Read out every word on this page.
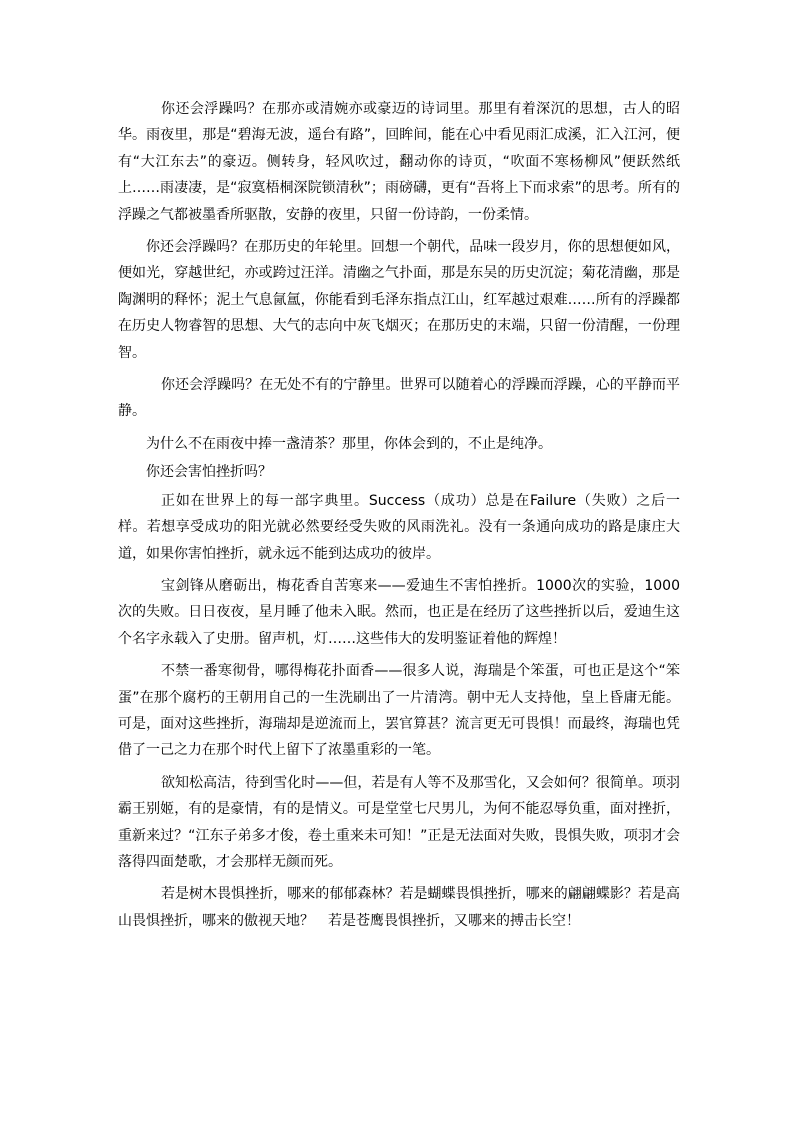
你还会浮躁吗？在那亦或清婉亦或豪迈的诗词里。那里有着深沉的思想，古人的昭华。雨夜里，那是“碧海无波，遥台有路”，回眸间，能在心中看见雨汇成溪，汇入江河，便有“大江东去”的豪迈。侧转身，轻风吹过，翻动你的诗页，“吹面不寒杨柳风”便跃然纸上……雨凄凄，是“寂寞梧桐深院锁清秋”；雨磅礴，更有“吾将上下而求索”的思考。所有的浮躁之气都被墨香所驱散，安静的夜里，只留一份诗韵，一份柔情。

你还会浮躁吗？在那历史的年轮里。回想一个朝代，品味一段岁月，你的思想便如风，便如光，穿越世纪，亦或跨过汪洋。清幽之气扑面，那是东吴的历史沉淀；菊花清幽，那是陶渊明的释怀；泥土气息氤氲，你能看到毛泽东指点江山，红军越过艰难……所有的浮躁都在历史人物睿智的思想、大气的志向中灰飞烟灭；在那历史的末端，只留一份清醒，一份理智。

你还会浮躁吗？在无处不有的宁静里。世界可以随着心的浮躁而浮躁，心的平静而平静。

为什么不在雨夜中捧一盏清茶？那里，你体会到的，不止是纯净。

你还会害怕挫折吗？

正如在世界上的每一部字典里。Success（成功）总是在Failure（失败）之后一样。若想享受成功的阳光就必然要经受失败的风雨洗礼。没有一条通向成功的路是康庄大道，如果你害怕挫折，就永远不能到达成功的彼岸。

宝剑锋从磨砺出，梅花香自苦寒来——爱迪生不害怕挫折。1000次的实验，1000次的失败。日日夜夜，星月睡了他未入眠。然而，也正是在经历了这些挫折以后，爱迪生这个名字永载入了史册。留声机，灯……这些伟大的发明鉴证着他的辉煌！

不禁一番寒彻骨，哪得梅花扑面香——很多人说，海瑞是个笨蛋，可也正是这个“笨蛋”在那个腐朽的王朝用自己的一生洗刷出了一片清湾。朝中无人支持他，皇上昏庸无能。可是，面对这些挫折，海瑞却是逆流而上，罢官算甚？流言更无可畏惧！而最终，海瑞也凭借了一己之力在那个时代上留下了浓墨重彩的一笔。

欲知松高洁，待到雪化时——但，若是有人等不及那雪化，又会如何？很简单。项羽霸王别姬，有的是豪情，有的是情义。可是堂堂七尺男儿，为何不能忍辱负重，面对挫折，重新来过？“江东子弟多才俊，卷土重来未可知！”正是无法面对失败，畏惧失败，项羽才会落得四面楚歌，才会那样无颜而死。

若是树木畏惧挫折，哪来的郁郁森林？若是蝴蝶畏惧挫折，哪来的翩翩蝶影？若是高山畏惧挫折，哪来的傲视天地？　若是苍鹰畏惧挫折，又哪来的搏击长空！
